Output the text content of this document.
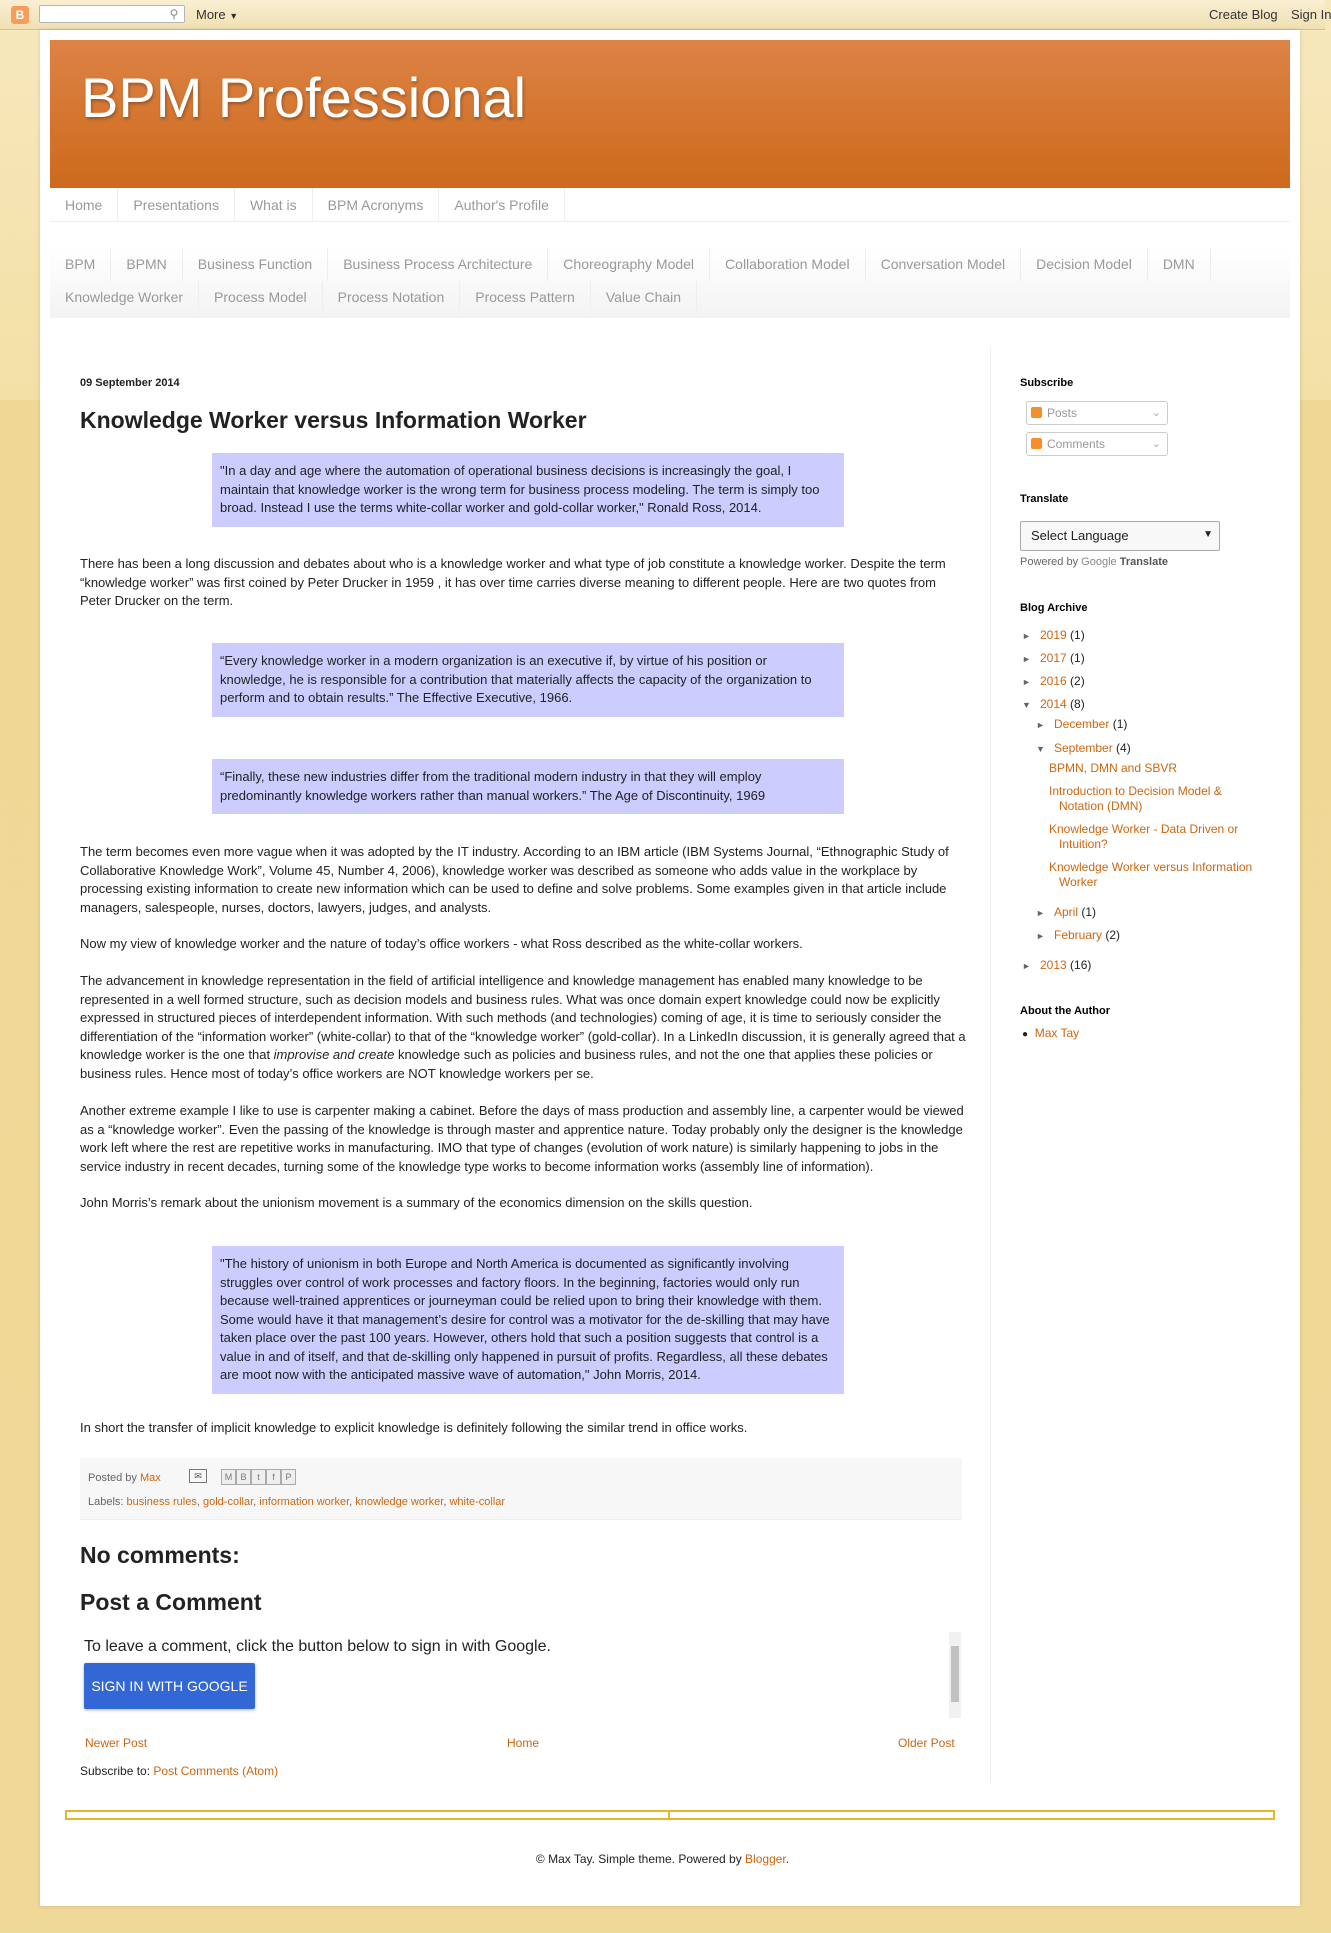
B	⚲ More ▼	Create Blog Sign In
BPM Professional
Home	Presentations	What is	BPM Acronyms	Author's Profile
BPM	BPMN	Business Function	Business Process Architecture	Choreography Model	Collaboration Model	Conversation Model	Decision Model	DMN
Knowledge Worker	Process Model	Process Notation	Process Pattern	Value Chain
09 September 2014
Knowledge Worker versus Information Worker
"In a day and age where the automation of operational business decisions is increasingly the goal, I maintain that knowledge worker is the wrong term for business process modeling. The term is simply too broad. Instead I use the terms white-collar worker and gold-collar worker," Ronald Ross, 2014.
There has been a long discussion and debates about who is a knowledge worker and what type of job constitute a knowledge worker. Despite the term “knowledge worker” was first coined by Peter Drucker in 1959 , it has over time carries diverse meaning to different people. Here are two quotes from Peter Drucker on the term.
“Every knowledge worker in a modern organization is an executive if, by virtue of his position or knowledge, he is responsible for a contribution that materially affects the capacity of the organization to perform and to obtain results.” The Effective Executive, 1966.
“Finally, these new industries differ from the traditional modern industry in that they will employ predominantly knowledge workers rather than manual workers.” The Age of Discontinuity, 1969
The term becomes even more vague when it was adopted by the IT industry. According to an IBM article (IBM Systems Journal, “Ethnographic Study of Collaborative Knowledge Work”, Volume 45, Number 4, 2006), knowledge worker was described as someone who adds value in the workplace by processing existing information to create new information which can be used to define and solve problems. Some examples given in that article include managers, salespeople, nurses, doctors, lawyers, judges, and analysts.
Now my view of knowledge worker and the nature of today’s office workers - what Ross described as the white-collar workers.
The advancement in knowledge representation in the field of artificial intelligence and knowledge management has enabled many knowledge to be represented in a well formed structure, such as decision models and business rules. What was once domain expert knowledge could now be explicitly expressed in structured pieces of interdependent information. With such methods (and technologies) coming of age, it is time to seriously consider the differentiation of the “information worker” (white-collar) to that of the “knowledge worker” (gold-collar). In a LinkedIn discussion, it is generally agreed that a knowledge worker is the one that improvise and create knowledge such as policies and business rules, and not the one that applies these policies or business rules. Hence most of today’s office workers are NOT knowledge workers per se.
Another extreme example I like to use is carpenter making a cabinet. Before the days of mass production and assembly line, a carpenter would be viewed as a “knowledge worker”. Even the passing of the knowledge is through master and apprentice nature. Today probably only the designer is the knowledge work left where the rest are repetitive works in manufacturing. IMO that type of changes (evolution of work nature) is similarly happening to jobs in the service industry in recent decades, turning some of the knowledge type works to become information works (assembly line of information).
John Morris’s remark about the unionism movement is a summary of the economics dimension on the skills question.
"The history of unionism in both Europe and North America is documented as significantly involving struggles over control of work processes and factory floors. In the beginning, factories would only run because well-trained apprentices or journeyman could be relied upon to bring their knowledge with them. Some would have it that management’s desire for control was a motivator for the de-skilling that may have taken place over the past 100 years. However, others hold that such a position suggests that control is a value in and of itself, and that de-skilling only happened in pursuit of profits. Regardless, all these debates are moot now with the anticipated massive wave of automation," John Morris, 2014.
In short the transfer of implicit knowledge to explicit knowledge is definitely following the similar trend in office works.
Posted by Max	✉	M B	t	f	P
Labels: business rules, gold-collar, information worker, knowledge worker, white-collar
No comments:
Post a Comment
To leave a comment, click the button below to sign in with Google.
SIGN IN WITH GOOGLE
Newer Post	Home	Older Post
Subscribe to: Post Comments (Atom)
Subscribe
Posts	⌄
Comments	⌄
Translate
Select Language	▼
Powered by Google Translate
Blog Archive
► 2019 (1)
► 2017 (1)
► 2016 (2)
▼ 2014 (8)
► December (1)
▼ September (4)
BPMN, DMN and SBVR
Introduction to Decision Model & Notation (DMN)
Knowledge Worker - Data Driven or Intuition?
Knowledge Worker versus Information Worker
► April (1)
► February (2)
► 2013 (16)
About the Author
● Max Tay
© Max Tay. Simple theme. Powered by Blogger.
